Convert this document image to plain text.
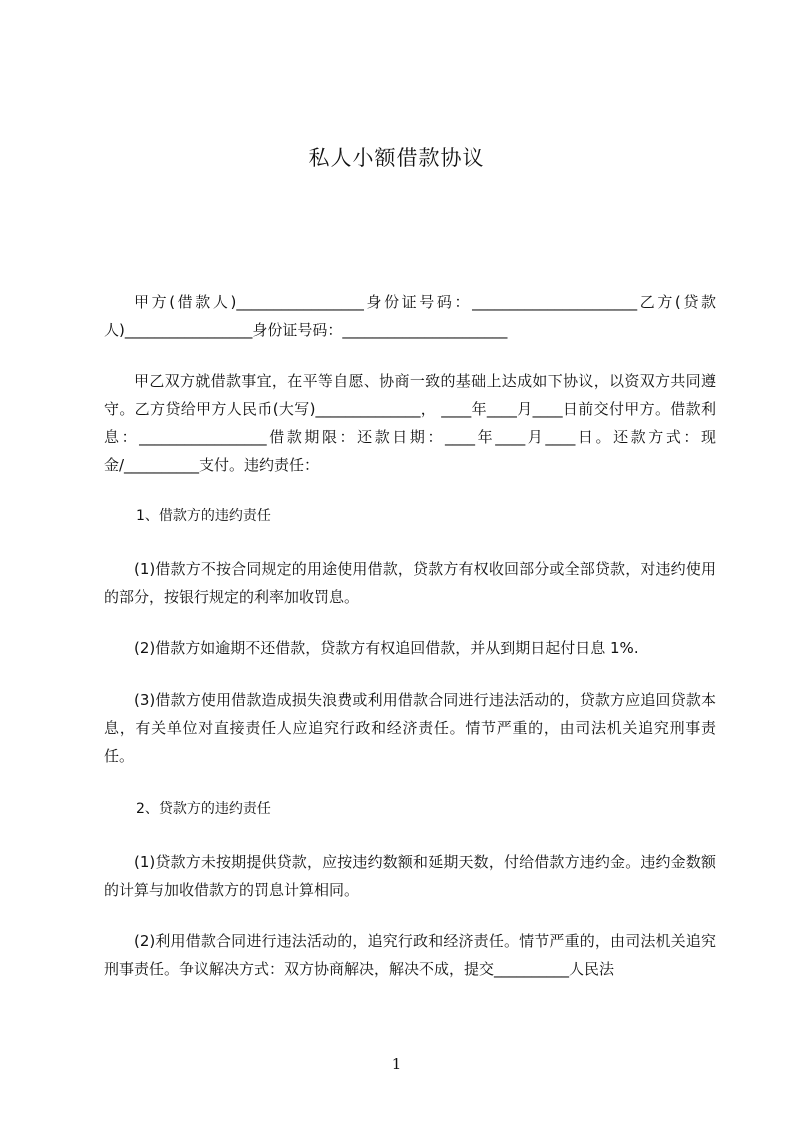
私人小额借款协议
甲方(借款人)_________________身份证号码：______________________乙方(贷款人)_________________身份证号码：______________________
甲乙双方就借款事宜，在平等自愿、协商一致的基础上达成如下协议，以资双方共同遵守。乙方贷给甲方人民币(大写)______________， ____年____月____日前交付甲方。借款利息：_________________借款期限：还款日期：____年____月____日。还款方式：现金/__________支付。违约责任：
1、借款方的违约责任
(1)借款方不按合同规定的用途使用借款，贷款方有权收回部分或全部贷款，对违约使用的部分，按银行规定的利率加收罚息。
(2)借款方如逾期不还借款，贷款方有权追回借款，并从到期日起付日息 1%.
(3)借款方使用借款造成损失浪费或利用借款合同进行违法活动的，贷款方应追回贷款本息，有关单位对直接责任人应追究行政和经济责任。情节严重的，由司法机关追究刑事责任。
2、贷款方的违约责任
(1)贷款方未按期提供贷款，应按违约数额和延期天数，付给借款方违约金。违约金数额的计算与加收借款方的罚息计算相同。
(2)利用借款合同进行违法活动的，追究行政和经济责任。情节严重的，由司法机关追究刑事责任。争议解决方式：双方协商解决，解决不成，提交__________人民法
1
